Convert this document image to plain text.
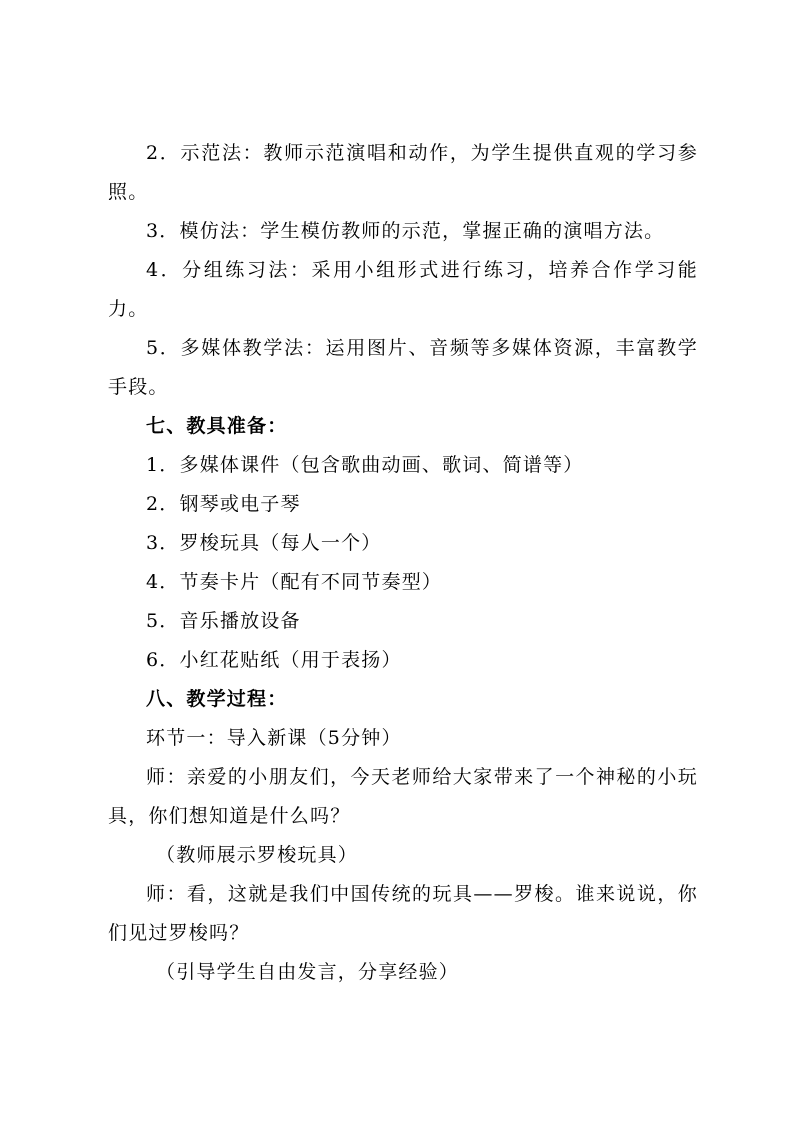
2．示范法：教师示范演唱和动作，为学生提供直观的学习参照。

3．模仿法：学生模仿教师的示范，掌握正确的演唱方法。

4．分组练习法：采用小组形式进行练习，培养合作学习能力。

5．多媒体教学法：运用图片、音频等多媒体资源，丰富教学手段。

七、教具准备：

1．多媒体课件（包含歌曲动画、歌词、简谱等）

2．钢琴或电子琴

3．罗梭玩具（每人一个）

4．节奏卡片（配有不同节奏型）

5．音乐播放设备

6．小红花贴纸（用于表扬）

八、教学过程：

环节一：导入新课（5分钟）

师：亲爱的小朋友们，今天老师给大家带来了一个神秘的小玩具，你们想知道是什么吗？

（教师展示罗梭玩具）

师：看，这就是我们中国传统的玩具——罗梭。谁来说说，你们见过罗梭吗？

（引导学生自由发言，分享经验）
